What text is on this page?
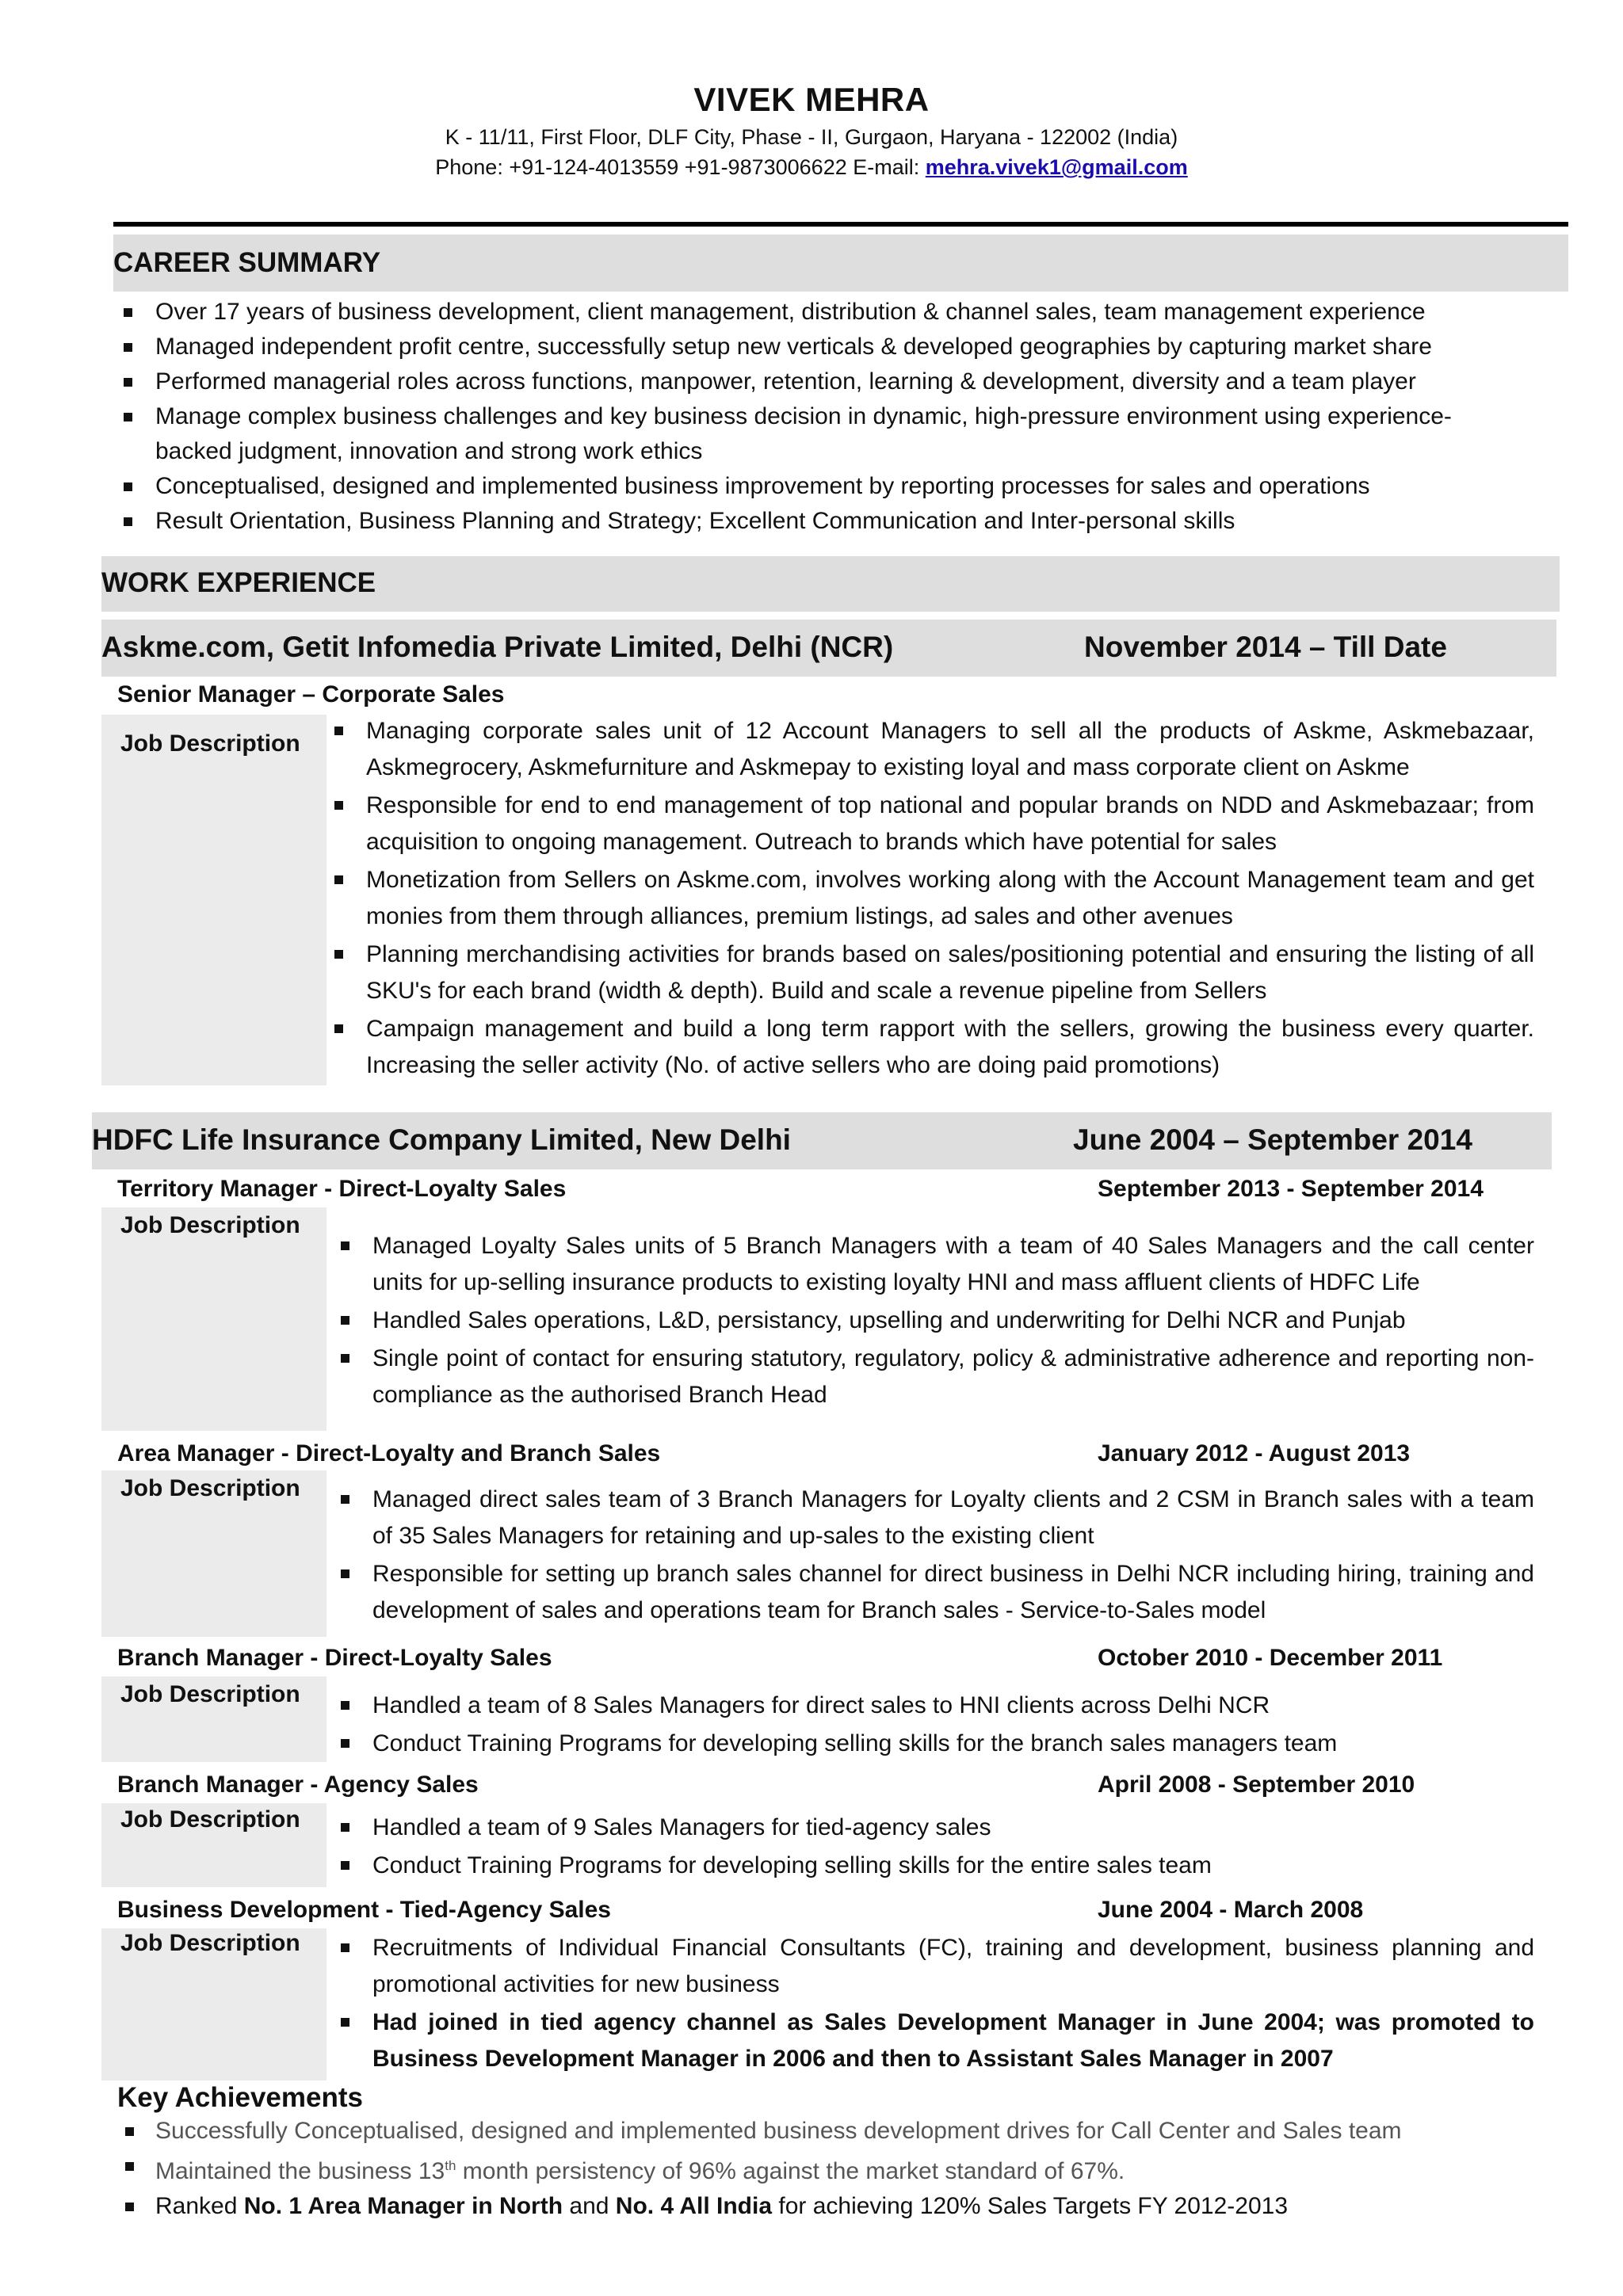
VIVEK MEHRA
K - 11/11, First Floor, DLF City, Phase - II, Gurgaon, Haryana - 122002 (India)
Phone: +91-124-4013559 +91-9873006622 E-mail: mehra.vivek1@gmail.com
CAREER SUMMARY
Over 17 years of business development, client management, distribution & channel sales, team management experience
Managed independent profit centre, successfully setup new verticals & developed geographies by capturing market share
Performed managerial roles across functions, manpower, retention, learning & development, diversity and a team player
Manage complex business challenges and key business decision in dynamic, high-pressure environment using experience-backed judgment, innovation and strong work ethics
Conceptualised, designed and implemented business improvement by reporting processes for sales and operations
Result Orientation, Business Planning and Strategy; Excellent Communication and Inter-personal skills
WORK EXPERIENCE
Askme.com, Getit Infomedia Private Limited, Delhi (NCR)	November 2014 – Till Date
Senior Manager – Corporate Sales
Job Description	Managing corporate sales unit of 12 Account Managers to sell all the products of Askme, Askmebazaar, Askmegrocery, Askmefurniture and Askmepay to existing loyal and mass corporate client on Askme
Responsible for end to end management of top national and popular brands on NDD and Askmebazaar; from acquisition to ongoing management. Outreach to brands which have potential for sales
Monetization from Sellers on Askme.com, involves working along with the Account Management team and get monies from them through alliances, premium listings, ad sales and other avenues
Planning merchandising activities for brands based on sales/positioning potential and ensuring the listing of all SKU's for each brand (width & depth). Build and scale a revenue pipeline from Sellers
Campaign management and build a long term rapport with the sellers, growing the business every quarter. Increasing the seller activity (No. of active sellers who are doing paid promotions)
HDFC Life Insurance Company Limited, New Delhi	June 2004 – September 2014
Territory Manager - Direct-Loyalty Sales	September 2013 - September 2014
Job Description
Managed Loyalty Sales units of 5 Branch Managers with a team of 40 Sales Managers and the call center units for up-selling insurance products to existing loyalty HNI and mass affluent clients of HDFC Life
Handled Sales operations, L&D, persistancy, upselling and underwriting for Delhi NCR and Punjab
Single point of contact for ensuring statutory, regulatory, policy & administrative adherence and reporting non-compliance as the authorised Branch Head
Area Manager - Direct-Loyalty and Branch Sales	January 2012 - August 2013
Job Description	Managed direct sales team of 3 Branch Managers for Loyalty clients and 2 CSM in Branch sales with a team of 35 Sales Managers for retaining and up-sales to the existing client
Responsible for setting up branch sales channel for direct business in Delhi NCR including hiring, training and development of sales and operations team for Branch sales - Service-to-Sales model
Branch Manager - Direct-Loyalty Sales	October 2010 - December 2011
Job Description	Handled a team of 8 Sales Managers for direct sales to HNI clients across Delhi NCR
Conduct Training Programs for developing selling skills for the branch sales managers team
Branch Manager - Agency Sales	April 2008 - September 2010
Job Description	Handled a team of 9 Sales Managers for tied-agency sales
Conduct Training Programs for developing selling skills for the entire sales team
Business Development - Tied-Agency Sales	June 2004 - March 2008
Job Description	Recruitments of Individual Financial Consultants (FC), training and development, business planning and promotional activities for new business
Had joined in tied agency channel as Sales Development Manager in June 2004; was promoted to Business Development Manager in 2006 and then to Assistant Sales Manager in 2007
Key Achievements
Successfully Conceptualised, designed and implemented business development drives for Call Center and Sales team
Maintained the business 13th month persistency of 96% against the market standard of 67%.
Ranked No. 1 Area Manager in North and No. 4 All India for achieving 120% Sales Targets FY 2012-2013
